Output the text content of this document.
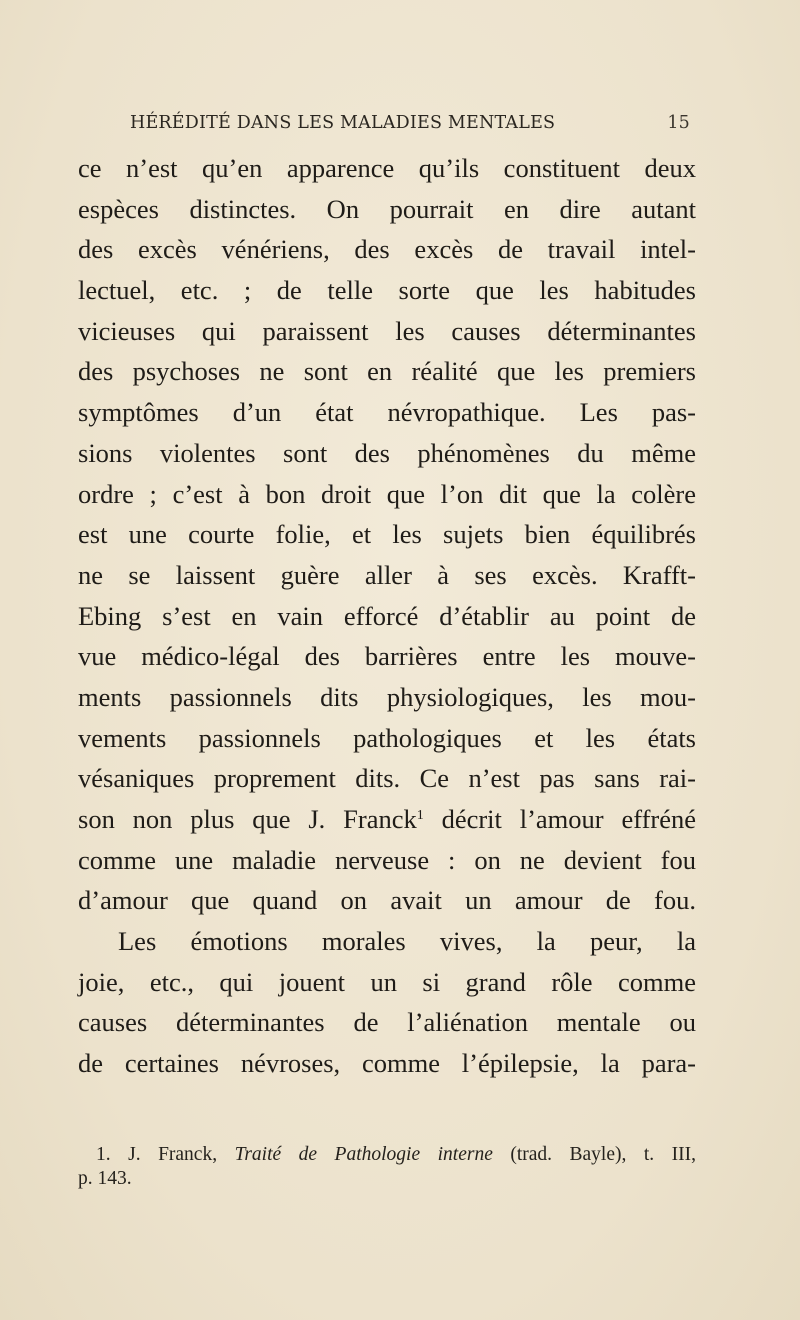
HÉRÉDITÉ DANS LES MALADIES MENTALES	15
ce n’est qu’en apparence qu’ils constituent deux
espèces distinctes. On pourrait en dire autant
des excès vénériens, des excès de travail intel-
lectuel, etc. ; de telle sorte que les habitudes
vicieuses qui paraissent les causes déterminantes
des psychoses ne sont en réalité que les premiers
symptômes d’un état névropathique. Les pas-
sions violentes sont des phénomènes du même
ordre ; c’est à bon droit que l’on dit que la colère
est une courte folie, et les sujets bien équilibrés
ne se laissent guère aller à ses excès. Krafft-
Ebing s’est en vain efforcé d’établir au point de
vue médico-légal des barrières entre les mouve-
ments passionnels dits physiologiques, les mou-
vements passionnels pathologiques et les états
vésaniques proprement dits. Ce n’est pas sans rai-
son non plus que J. Franck$^1$ décrit l’amour effréné
comme une maladie nerveuse : on ne devient fou
d’amour que quand on avait un amour de fou.
Les émotions morales vives, la peur, la
joie, etc., qui jouent un si grand rôle comme
causes déterminantes de l’aliénation mentale ou
de certaines névroses, comme l’épilepsie, la para-
1. J. Franck, Traité de Pathologie interne (trad. Bayle), t. III,
p. 143.
